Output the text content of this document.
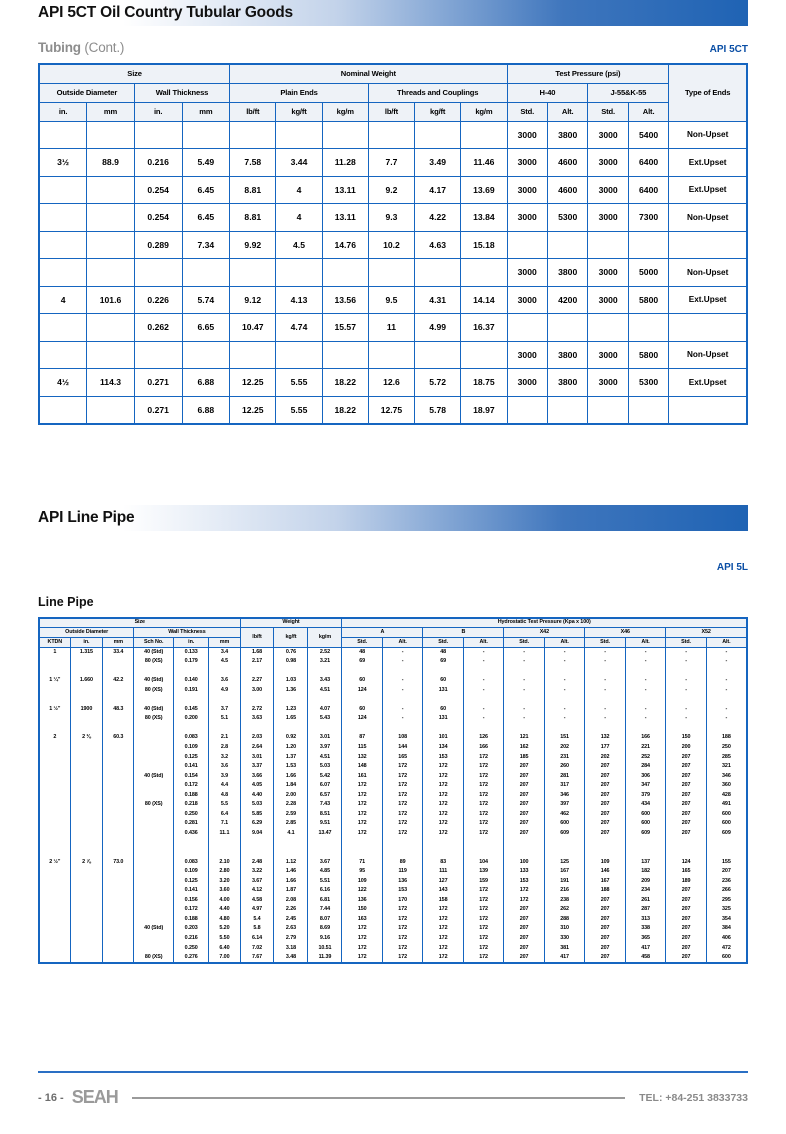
API 5CT Oil Country Tubular Goods
Tubing (Cont.)	API 5CT
Size				Nominal Weight						Test Pressure (psi)				Type of Ends
Outside Diameter		Wall Thickness		Plain Ends			Threads and Couplings			H-40		J-55&K-55		
in.	mm	in.	mm	lb/ft	kg/ft	kg/m	lb/ft	kg/ft	kg/m	Std.	Alt.	Std.	Alt.	
										3000	3800	3000	5400	Non-Upset
3½	88.9	0.216	5.49	7.58	3.44	11.28	7.7	3.49	11.46	3000	4600	3000	6400	Ext.Upset
		0.254	6.45	8.81	4	13.11	9.2	4.17	13.69	3000	4600	3000	6400	Ext.Upset
		0.254	6.45	8.81	4	13.11	9.3	4.22	13.84	3000	5300	3000	7300	Non-Upset
		0.289	7.34	9.92	4.5	14.76	10.2	4.63	15.18					
										3000	3800	3000	5000	Non-Upset
4	101.6	0.226	5.74	9.12	4.13	13.56	9.5	4.31	14.14	3000	4200	3000	5800	Ext.Upset
		0.262	6.65	10.47	4.74	15.57	11	4.99	16.37					
										3000	3800	3000	5800	Non-Upset
4½	114.3	0.271	6.88	12.25	5.55	18.22	12.6	5.72	18.75	3000	3800	3000	5300	Ext.Upset
		0.271	6.88	12.25	5.55	18.22	12.75	5.78	18.97					
API Line Pipe
API 5L
Line Pipe
Size						Weight			Hydrostatic Test Pressure (Kpa x 100)									
Outside Diameter			Wall Thickness			lb/ft	kg/ft	kg/m	A		B		X42		X46		X52	
KTDN	in.	mm	Sch No.	in.	mm				Std.	Alt.	Std.	Alt.	Std.	Alt.	Std.	Alt.	Std.	Alt.
1	1.315	33.4	40 (Std)	0.133	3.4	1.68	0.76	2.52	48	-	48	-	-	-	-	-	-	-
			80 (XS)	0.179	4.5	2.17	0.98	3.21	69	-	69	-	-	-	-	-	-	-

1 ¼"	1.660	42.2	40 (Std)	0.140	3.6	2.27	1.03	3.43	60	-	60	-	-	-	-	-	-	-
			80 (XS)	0.191	4.9	3.00	1.36	4.51	124	-	131	-	-	-	-	-	-	-

1 ½"	1900	48.3	40 (Std)	0.145	3.7	2.72	1.23	4.07	60	-	60	-	-	-	-	-	-	-
			80 (XS)	0.200	5.1	3.63	1.65	5.43	124	-	131	-	-	-	-	-	-	-

2	2 ⅜	60.3		0.083	2.1	2.03	0.92	3.01	87	108	101	126	121	151	132	166	150	188
				0.109	2.8	2.64	1.20	3.97	115	144	134	166	162	202	177	221	200	250
				0.125	3.2	3.01	1.37	4.51	132	165	153	172	185	231	202	252	207	285
				0.141	3.6	3.37	1.53	5.03	148	172	172	172	207	260	207	284	207	321
			40 (Std)	0.154	3.9	3.66	1.66	5.42	161	172	172	172	207	281	207	306	207	346
				0.172	4.4	4.05	1.84	6.07	172	172	172	172	207	317	207	347	207	360
				0.188	4.8	4.40	2.00	6.57	172	172	172	172	207	346	207	379	207	428
			80 (XS)	0.218	5.5	5.03	2.28	7.43	172	172	172	172	207	397	207	434	207	491
				0.250	6.4	5.85	2.59	8.51	172	172	172	172	207	462	207	600	207	600
				0.281	7.1	6.29	2.85	9.51	172	172	172	172	207	600	207	600	207	600
				0.436	11.1	9.04	4.1	13.47	172	172	172	172	207	609	207	609	207	609

2 ½"	2 ⅞	73.0		0.083	2.10	2.48	1.12	3.67	71	89	83	104	100	125	109	137	124	155
				0.109	2.80	3.22	1.46	4.85	95	119	111	139	133	167	146	182	165	207
				0.125	3.20	3.67	1.66	5.51	109	136	127	159	153	191	167	209	189	236
				0.141	3.60	4.12	1.87	6.16	122	153	143	172	172	216	188	234	207	266
				0.156	4.00	4.58	2.08	6.81	136	170	158	172	172	238	207	261	207	295
				0.172	4.40	4.97	2.26	7.44	150	172	172	172	207	262	207	287	207	325
				0.188	4.80	5.4	2.45	8.07	163	172	172	172	207	288	207	313	207	354
			40 (Std)	0.203	5.20	5.8	2.63	8.69	172	172	172	172	207	310	207	338	207	384
				0.216	5.50	6.14	2.79	9.16	172	172	172	172	207	330	207	365	207	406
				0.250	6.40	7.02	3.18	10.51	172	172	172	172	207	381	207	417	207	472
			80 (XS)	0.276	7.00	7.67	3.48	11.39	172	172	172	172	207	417	207	458	207	600
- 16 - SEAH	TEL: +84-251 3833733
